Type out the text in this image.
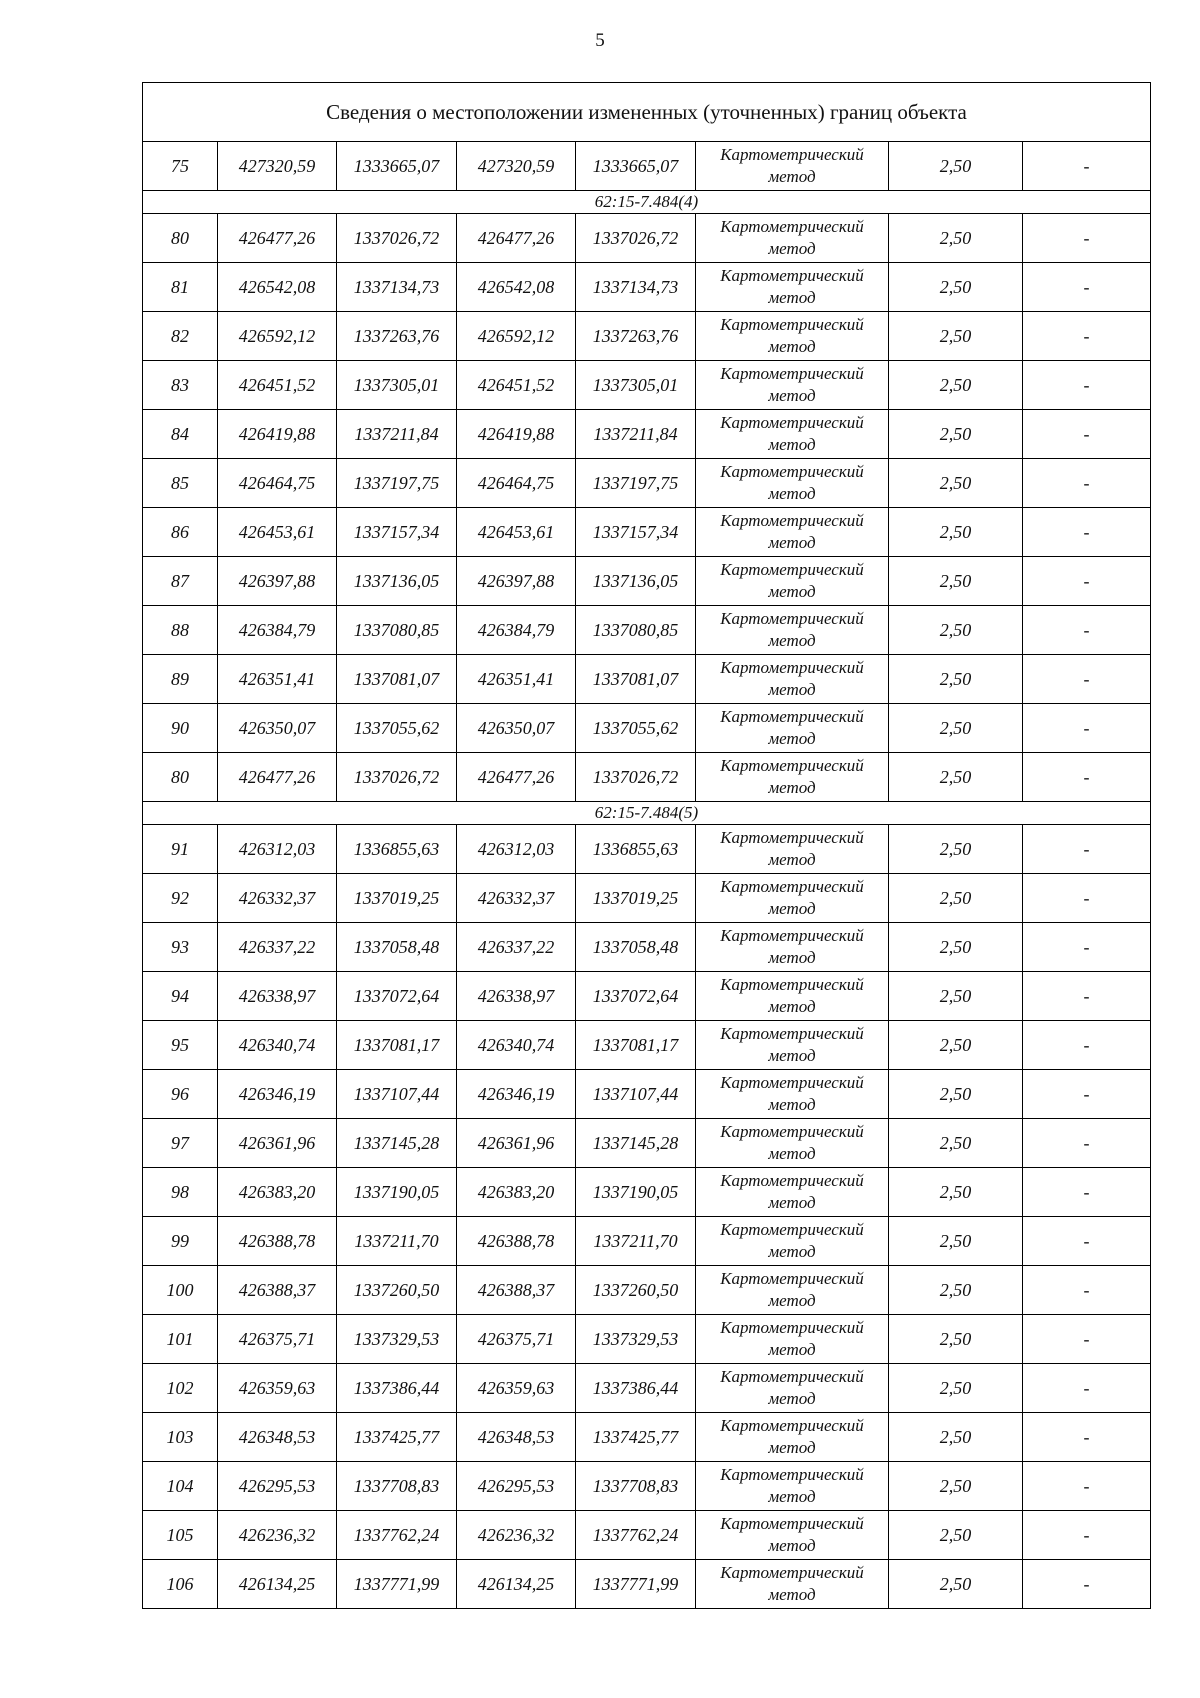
5
Сведения о местоположении измененных (уточненных) границ объекта							
75	427320,59	1333665,07	427320,59	1333665,07	Картометрический
метод	2,50	-
62:15-7.484(4)							
80	426477,26	1337026,72	426477,26	1337026,72	Картометрический
метод	2,50	-
81	426542,08	1337134,73	426542,08	1337134,73	Картометрический
метод	2,50	-
82	426592,12	1337263,76	426592,12	1337263,76	Картометрический
метод	2,50	-
83	426451,52	1337305,01	426451,52	1337305,01	Картометрический
метод	2,50	-
84	426419,88	1337211,84	426419,88	1337211,84	Картометрический
метод	2,50	-
85	426464,75	1337197,75	426464,75	1337197,75	Картометрический
метод	2,50	-
86	426453,61	1337157,34	426453,61	1337157,34	Картометрический
метод	2,50	-
87	426397,88	1337136,05	426397,88	1337136,05	Картометрический
метод	2,50	-
88	426384,79	1337080,85	426384,79	1337080,85	Картометрический
метод	2,50	-
89	426351,41	1337081,07	426351,41	1337081,07	Картометрический
метод	2,50	-
90	426350,07	1337055,62	426350,07	1337055,62	Картометрический
метод	2,50	-
80	426477,26	1337026,72	426477,26	1337026,72	Картометрический
метод	2,50	-
62:15-7.484(5)							
91	426312,03	1336855,63	426312,03	1336855,63	Картометрический
метод	2,50	-
92	426332,37	1337019,25	426332,37	1337019,25	Картометрический
метод	2,50	-
93	426337,22	1337058,48	426337,22	1337058,48	Картометрический
метод	2,50	-
94	426338,97	1337072,64	426338,97	1337072,64	Картометрический
метод	2,50	-
95	426340,74	1337081,17	426340,74	1337081,17	Картометрический
метод	2,50	-
96	426346,19	1337107,44	426346,19	1337107,44	Картометрический
метод	2,50	-
97	426361,96	1337145,28	426361,96	1337145,28	Картометрический
метод	2,50	-
98	426383,20	1337190,05	426383,20	1337190,05	Картометрический
метод	2,50	-
99	426388,78	1337211,70	426388,78	1337211,70	Картометрический
метод	2,50	-
100	426388,37	1337260,50	426388,37	1337260,50	Картометрический
метод	2,50	-
101	426375,71	1337329,53	426375,71	1337329,53	Картометрический
метод	2,50	-
102	426359,63	1337386,44	426359,63	1337386,44	Картометрический
метод	2,50	-
103	426348,53	1337425,77	426348,53	1337425,77	Картометрический
метод	2,50	-
104	426295,53	1337708,83	426295,53	1337708,83	Картометрический
метод	2,50	-
105	426236,32	1337762,24	426236,32	1337762,24	Картометрический
метод	2,50	-
106	426134,25	1337771,99	426134,25	1337771,99	Картометрический
метод	2,50	-
